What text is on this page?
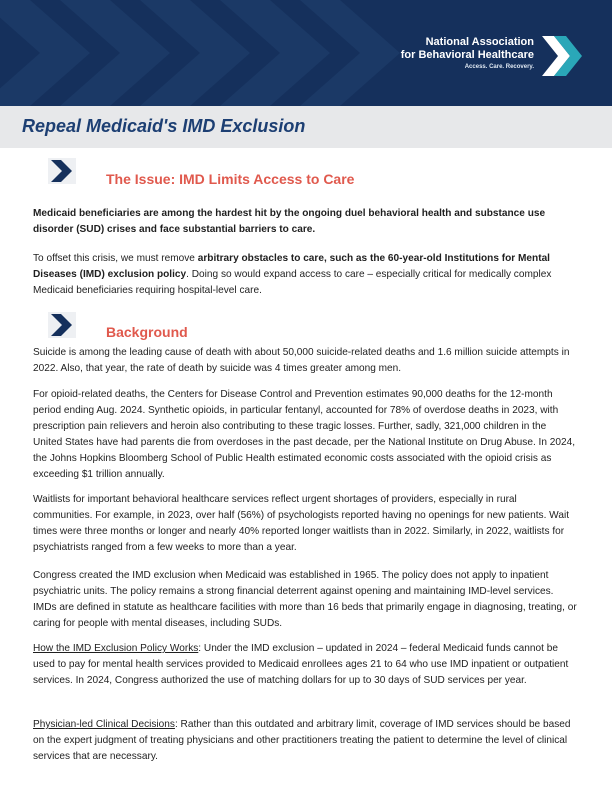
National Association
for Behavioral Healthcare
Access. Care. Recovery.
Repeal Medicaid's IMD Exclusion
The Issue: IMD Limits Access to Care

Medicaid beneficiaries are among the hardest hit by the ongoing duel behavioral health and substance use disorder (SUD) crises and face substantial barriers to care.

To offset this crisis, we must remove arbitrary obstacles to care, such as the 60-year-old Institutions for Mental Diseases (IMD) exclusion policy. Doing so would expand access to care – especially critical for medically complex Medicaid beneficiaries requiring hospital-level care.

Background

Suicide is among the leading cause of death with about 50,000 suicide-related deaths and 1.6 million suicide attempts in 2022. Also, that year, the rate of death by suicide was 4 times greater among men.

For opioid-related deaths, the Centers for Disease Control and Prevention estimates 90,000 deaths for the 12-month period ending Aug. 2024. Synthetic opioids, in particular fentanyl, accounted for 78% of overdose deaths in 2023, with prescription pain relievers and heroin also contributing to these tragic losses. Further, sadly, 321,000 children in the United States have had parents die from overdoses in the past decade, per the National Institute on Drug Abuse. In 2024, the Johns Hopkins Bloomberg School of Public Health estimated economic costs associated with the opioid crisis as exceeding $1 trillion annually.

Waitlists for important behavioral healthcare services reflect urgent shortages of providers, especially in rural communities. For example, in 2023, over half (56%) of psychologists reported having no openings for new patients. Wait times were three months or longer and nearly 40% reported longer waitlists than in 2022. Similarly, in 2022, waitlists for psychiatrists ranged from a few weeks to more than a year.

Congress created the IMD exclusion when Medicaid was established in 1965. The policy does not apply to inpatient psychiatric units. The policy remains a strong financial deterrent against opening and maintaining IMD-level services. IMDs are defined in statute as healthcare facilities with more than 16 beds that primarily engage in diagnosing, treating, or caring for people with mental diseases, including SUDs.

How the IMD Exclusion Policy Works: Under the IMD exclusion – updated in 2024 – federal Medicaid funds cannot be used to pay for mental health services provided to Medicaid enrollees ages 21 to 64 who use IMD inpatient or outpatient services. In 2024, Congress authorized the use of matching dollars for up to 30 days of SUD services per year.

Physician-led Clinical Decisions: Rather than this outdated and arbitrary limit, coverage of IMD services should be based on the expert judgment of treating physicians and other practitioners treating the patient to determine the level of clinical services that are necessary.
